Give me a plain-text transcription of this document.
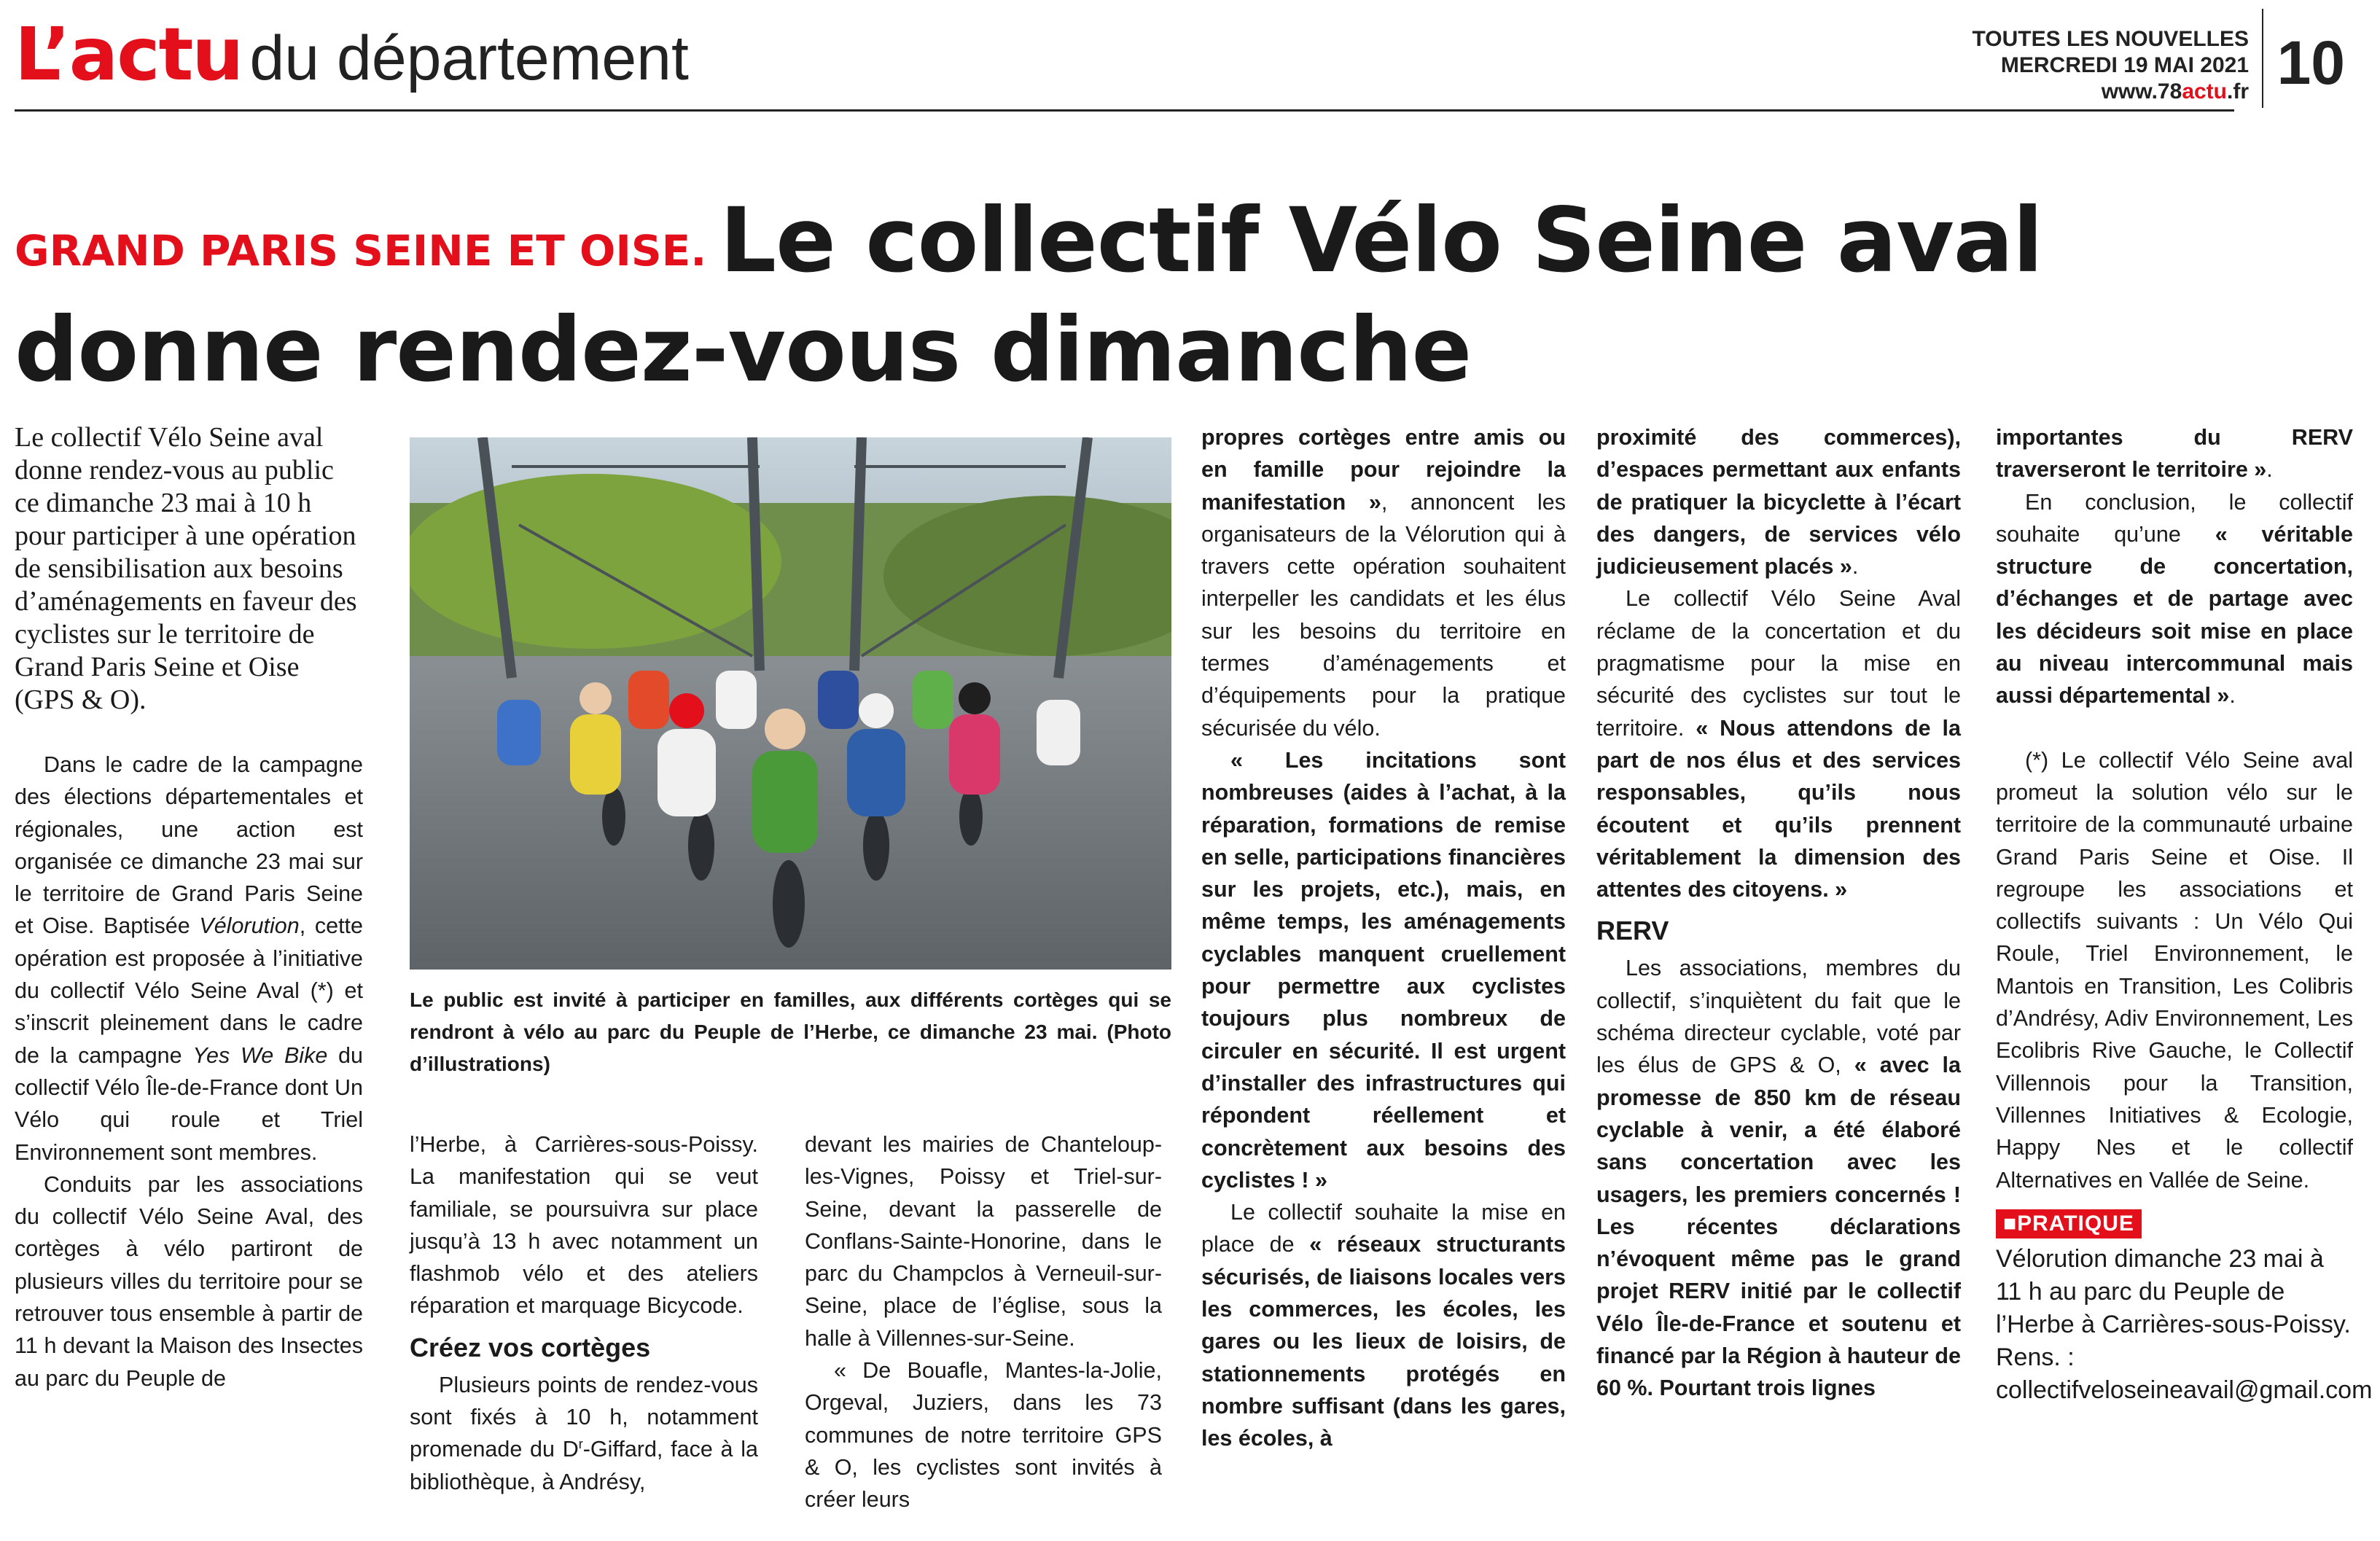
L’actu du département	TOUTES LES NOUVELLES
MERCREDI 19 MAI 2021
www.78actu.fr 10
GRAND PARIS SEINE ET OISE. Le collectif Vélo Seine aval
donne rendez-vous dimanche

Le collectif Vélo Seine aval donne rendez-vous au public ce dimanche 23 mai à 10 h pour participer à une opération de sensibilisation aux besoins d’aménagements en faveur des cyclistes sur le territoire de Grand Paris Seine et Oise (GPS & O).

Dans le cadre de la campagne des élections départementales et régionales, une action est organisée ce dimanche 23 mai sur le territoire de Grand Paris Seine et Oise. Baptisée Vélorution, cette opération est proposée à l’initiative du collectif Vélo Seine Aval (*) et s’inscrit pleinement dans le cadre de la campagne Yes We Bike du collectif Vélo Île-de-France dont Un Vélo qui roule et Triel Environnement sont membres.

Conduits par les associations du collectif Vélo Seine Aval, des cortèges à vélo partiront de plusieurs villes du territoire pour se retrouver tous ensemble à partir de 11 h devant la Maison des Insectes au parc du Peuple de

Le public est invité à participer en familles, aux différents cortèges qui se rendront à vélo au parc du Peuple de l’Herbe, ce dimanche 23 mai. (Photo d’illustrations)

l’Herbe, à Carrières-sous-Poissy. La manifestation qui se veut familiale, se poursuivra sur place jusqu’à 13 h avec notamment un flashmob vélo et des ateliers réparation et marquage Bicycode.

Créez vos cortèges

Plusieurs points de rendez-vous sont fixés à 10 h, notamment promenade du $D^r$-Giffard, face à la bibliothèque, à Andrésy,

devant les mairies de Chanteloup-les-Vignes, Poissy et Triel-sur-Seine, devant la passerelle de Conflans-Sainte-Honorine, dans le parc du Champclos à Verneuil-sur-Seine, place de l’église, sous la halle à Villennes-sur-Seine.

« De Bouafle, Mantes-la-Jolie, Orgeval, Juziers, dans les 73 communes de notre territoire GPS & O, les cyclistes sont invités à créer leurs

propres cortèges entre amis ou en famille pour rejoindre la manifestation », annoncent les organisateurs de la Vélorution qui à travers cette opération souhaitent interpeller les candidats et les élus sur les besoins du territoire en termes d’aménagements et d’équipements pour la pratique sécurisée du vélo.

« Les incitations sont nombreuses (aides à l’achat, à la réparation, formations de remise en selle, participations financières sur les projets, etc.), mais, en même temps, les aménagements cyclables manquent cruellement pour permettre aux cyclistes toujours plus nombreux de circuler en sécurité. Il est urgent d’installer des infrastructures qui répondent réellement et concrètement aux besoins des cyclistes ! »

Le collectif souhaite la mise en place de « réseaux structurants sécurisés, de liaisons locales vers les commerces, les écoles, les gares ou les lieux de loisirs, de stationnements protégés en nombre suffisant (dans les gares, les écoles, à

proximité des commerces), d’espaces permettant aux enfants de pratiquer la bicyclette à l’écart des dangers, de services vélo judicieusement placés ».

Le collectif Vélo Seine Aval réclame de la concertation et du pragmatisme pour la mise en sécurité des cyclistes sur tout le territoire. « Nous attendons de la part de nos élus et des services responsables, qu’ils nous écoutent et qu’ils prennent véritablement la dimension des attentes des citoyens. »

RERV

Les associations, membres du collectif, s’inquiètent du fait que le schéma directeur cyclable, voté par les élus de GPS & O, « avec la promesse de 850 km de réseau cyclable à venir, a été élaboré sans concertation avec les usagers, les premiers concernés ! Les récentes déclarations n’évoquent même pas le grand projet RERV initié par le collectif Vélo Île-de-France et soutenu et financé par la Région à hauteur de 60 %. Pourtant trois lignes

importantes du RERV traverseront le territoire ».

En conclusion, le collectif souhaite qu’une « véritable structure de concertation, d’échanges et de partage avec les décideurs soit mise en place au niveau intercommunal mais aussi départemental ».

(*) Le collectif Vélo Seine aval promeut la solution vélo sur le territoire de la communauté urbaine Grand Paris Seine et Oise. Il regroupe les associations et collectifs suivants : Un Vélo Qui Roule, Triel Environnement, le Mantois en Transition, Les Colibris d’Andrésy, Adiv Environnement, Les Ecolibris Rive Gauche, le Collectif Villennois pour la Transition, Villennes Initiatives & Ecologie, Happy Nes et le collectif Alternatives en Vallée de Seine.

■PRATIQUE

Vélorution dimanche 23 mai à 11 h au parc du Peuple de l’Herbe à Carrières-sous-Poissy. Rens. : collectifveloseineavail@gmail.com
